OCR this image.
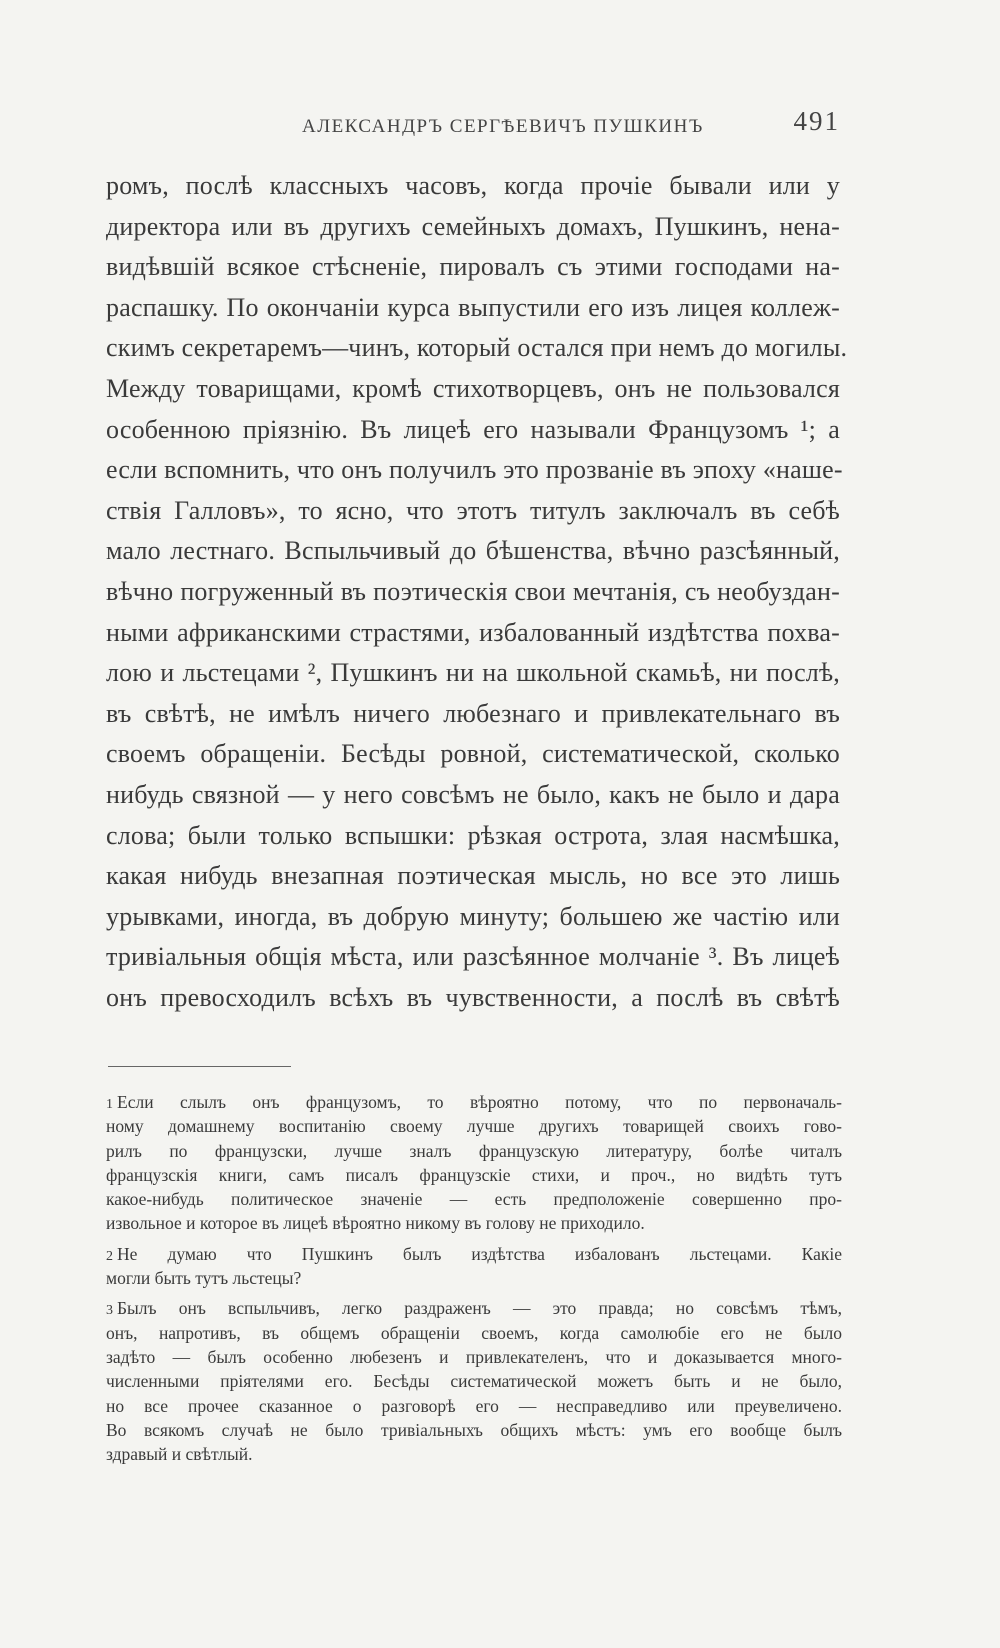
АЛЕКСАНДРЪ СЕРГѢЕВИЧЪ ПУШКИНЪ	491
ромъ, послѣ классныхъ часовъ, когда прочіе бывали или у
директора или въ другихъ семейныхъ домахъ, Пушкинъ, нена-
видѣвшій всякое стѣсненіе, пировалъ съ этими господами на-
распашку. По окончаніи курса выпустили его изъ лицея коллеж-
скимъ секретаремъ—чинъ, который остался при немъ до могилы.
Между товарищами, кромѣ стихотворцевъ, онъ не пользовался
особенною пріязнію. Въ лицеѣ его называли Французомъ ¹; а
если вспомнить, что онъ получилъ это прозваніе въ эпоху «наше-
ствія Галловъ», то ясно, что этотъ титулъ заключалъ въ себѣ
мало лестнаго. Вспыльчивый до бѣшенства, вѣчно разсѣянный,
вѣчно погруженный въ поэтическія свои мечтанія, съ необуздан-
ными африканскими страстями, избалованный издѣтства похва-
лою и льстецами ², Пушкинъ ни на школьной скамьѣ, ни послѣ,
въ свѣтѣ, не имѣлъ ничего любезнаго и привлекательнаго въ
своемъ обращеніи. Бесѣды ровной, систематической, сколько
нибудь связной — у него совсѣмъ не было, какъ не было и дара
слова; были только вспышки: рѣзкая острота, злая насмѣшка,
какая нибудь внезапная поэтическая мысль, но все это лишь
урывками, иногда, въ добрую минуту; большею же частію или
тривіальныя общія мѣста, или разсѣянное молчаніе ³. Въ лицеѣ
онъ превосходилъ всѣхъ въ чувственности, а послѣ въ свѣтѣ
1 Если слылъ онъ французомъ, то вѣроятно потому, что по первоначаль-
ному домашнему воспитанію своему лучше другихъ товарищей своихъ гово-
рилъ по французски, лучше зналъ французскую литературу, болѣе читалъ
французскія книги, самъ писалъ французскіе стихи, и проч., но видѣть тутъ
какое-нибудь политическое значеніе — есть предположеніе совершенно про-
извольное и которое въ лицеѣ вѣроятно никому въ голову не приходило.
2 Не думаю что Пушкинъ былъ издѣтства избалованъ льстецами. Какіе
могли быть тутъ льстецы?
3 Былъ онъ вспыльчивъ, легко раздраженъ — это правда; но совсѣмъ тѣмъ,
онъ, напротивъ, въ общемъ обращеніи своемъ, когда самолюбіе его не было
задѣто — былъ особенно любезенъ и привлекателенъ, что и доказывается много-
численными пріятелями его. Бесѣды систематической можетъ быть и не было,
но все прочее сказанное о разговорѣ его — несправедливо или преувеличено.
Во всякомъ случаѣ не было тривіальныхъ общихъ мѣстъ: умъ его вообще былъ
здравый и свѣтлый.
